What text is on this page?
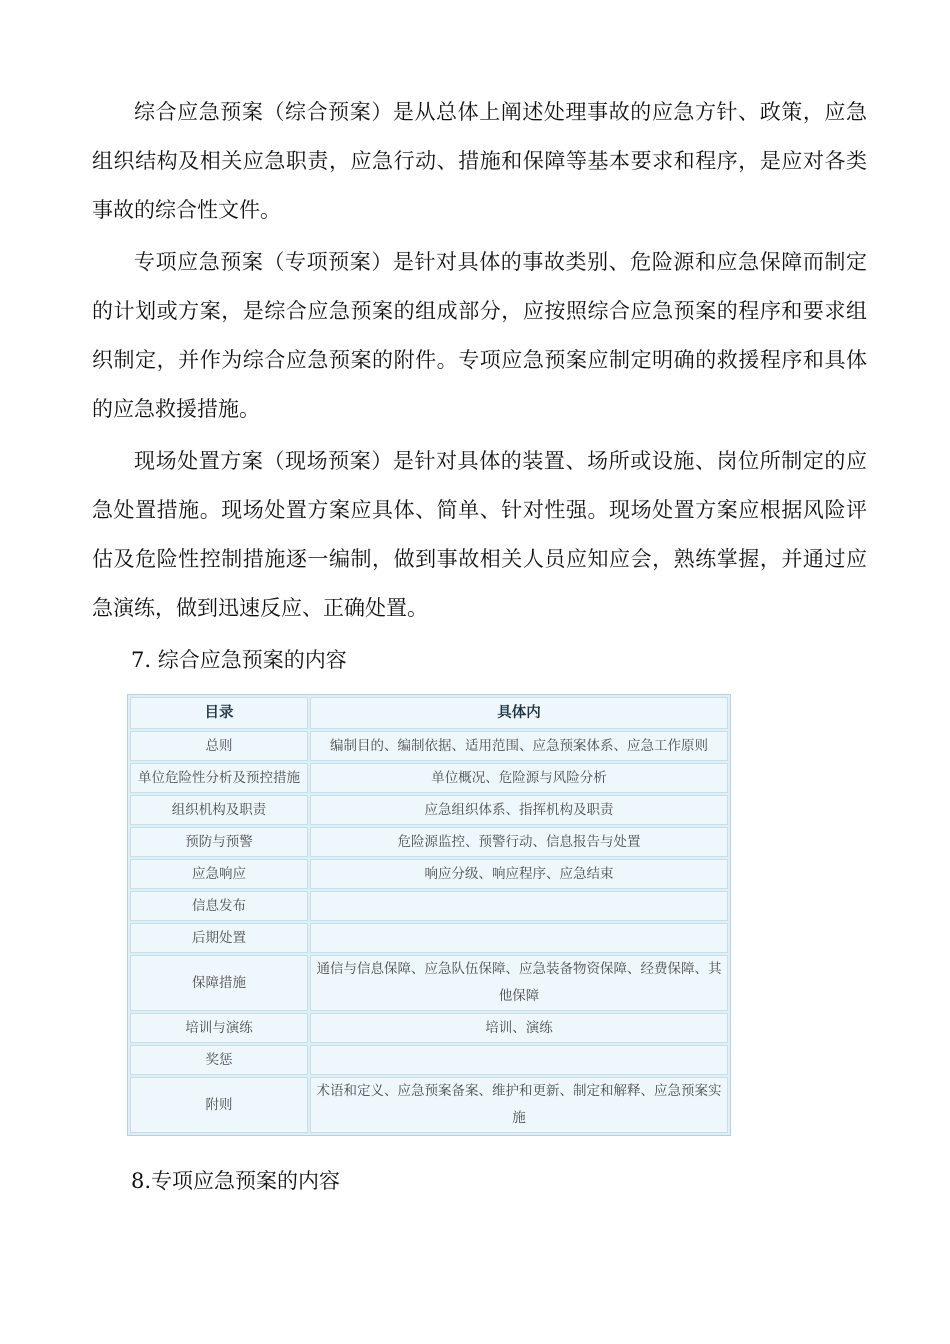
综合应急预案（综合预案）是从总体上阐述处理事故的应急方针、政策，应急组织结构及相关应急职责，应急行动、措施和保障等基本要求和程序，是应对各类事故的综合性文件。

专项应急预案（专项预案）是针对具体的事故类别、危险源和应急保障而制定的计划或方案，是综合应急预案的组成部分，应按照综合应急预案的程序和要求组织制定，并作为综合应急预案的附件。专项应急预案应制定明确的救援程序和具体的应急救援措施。

现场处置方案（现场预案）是针对具体的装置、场所或设施、岗位所制定的应急处置措施。现场处置方案应具体、简单、针对性强。现场处置方案应根据风险评估及危险性控制措施逐一编制，做到事故相关人员应知应会，熟练掌握，并通过应急演练，做到迅速反应、正确处置。

7. 综合应急预案的内容

目录	具体内
总则	编制目的、编制依据、适用范围、应急预案体系、应急工作原则
单位危险性分析及预控措施	单位概况、危险源与风险分析
组织机构及职责	应急组织体系、指挥机构及职责
预防与预警	危险源监控、预警行动、信息报告与处置
应急响应	响应分级、响应程序、应急结束
信息发布	
后期处置	
保障措施	通信与信息保障、应急队伍保障、应急装备物资保障、经费保障、其他保障
培训与演练	培训、演练
奖惩	
附则	术语和定义、应急预案备案、维护和更新、制定和解释、应急预案实施

8.专项应急预案的内容
